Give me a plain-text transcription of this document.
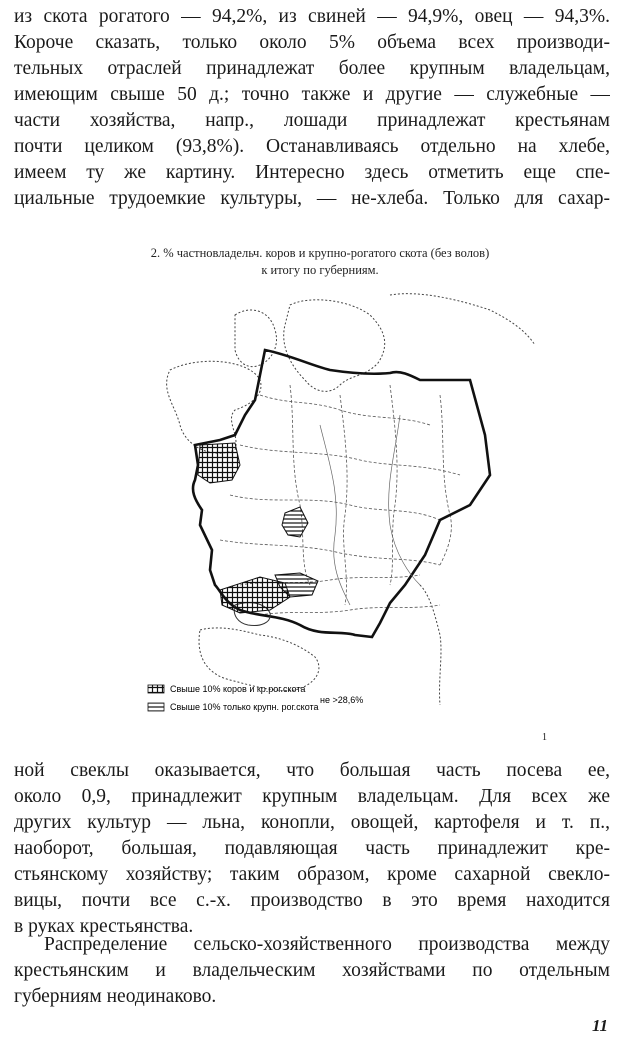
из скота рогатого — 94,2%, из свиней — 94,9%, овец — 94,3%.
Короче сказать, только около 5% объема всех производи-
тельных отраслей принадлежат более крупным владельцам,
имеющим свыше 50 д.; точно также и другие — служебные —
части хозяйства, напр., лошади принадлежат крестьянам
почти целиком (93,8%). Останавливаясь отдельно на хлебе,
имеем ту же картину. Интересно здесь отметить еще спе-
циальные трудоемкие культуры, — не-хлеба. Только для сахар-
2. % частновладельч. коров и крупно-рогатого скота (без волов)
к итогу по губерниям.
Свыше 10% коров и кр.рог.скота
Свыше 10% только крупн. рог.скота
не >28,6%
1
ной свеклы оказывается, что большая часть посева ее,
около 0,9, принадлежит крупным владельцам. Для всех же
других культур — льна, конопли, овощей, картофеля и т. п.,
наоборот, большая, подавляющая часть принадлежит кре-
стьянскому хозяйству; таким образом, кроме сахарной свекло-
вицы, почти все с.-х. производство в это время находится
в руках крестьянства.
Распределение сельско-хозяйственного производства между
крестьянским и владельческим хозяйствами по отдельным
губерниям неодинаково.
11
